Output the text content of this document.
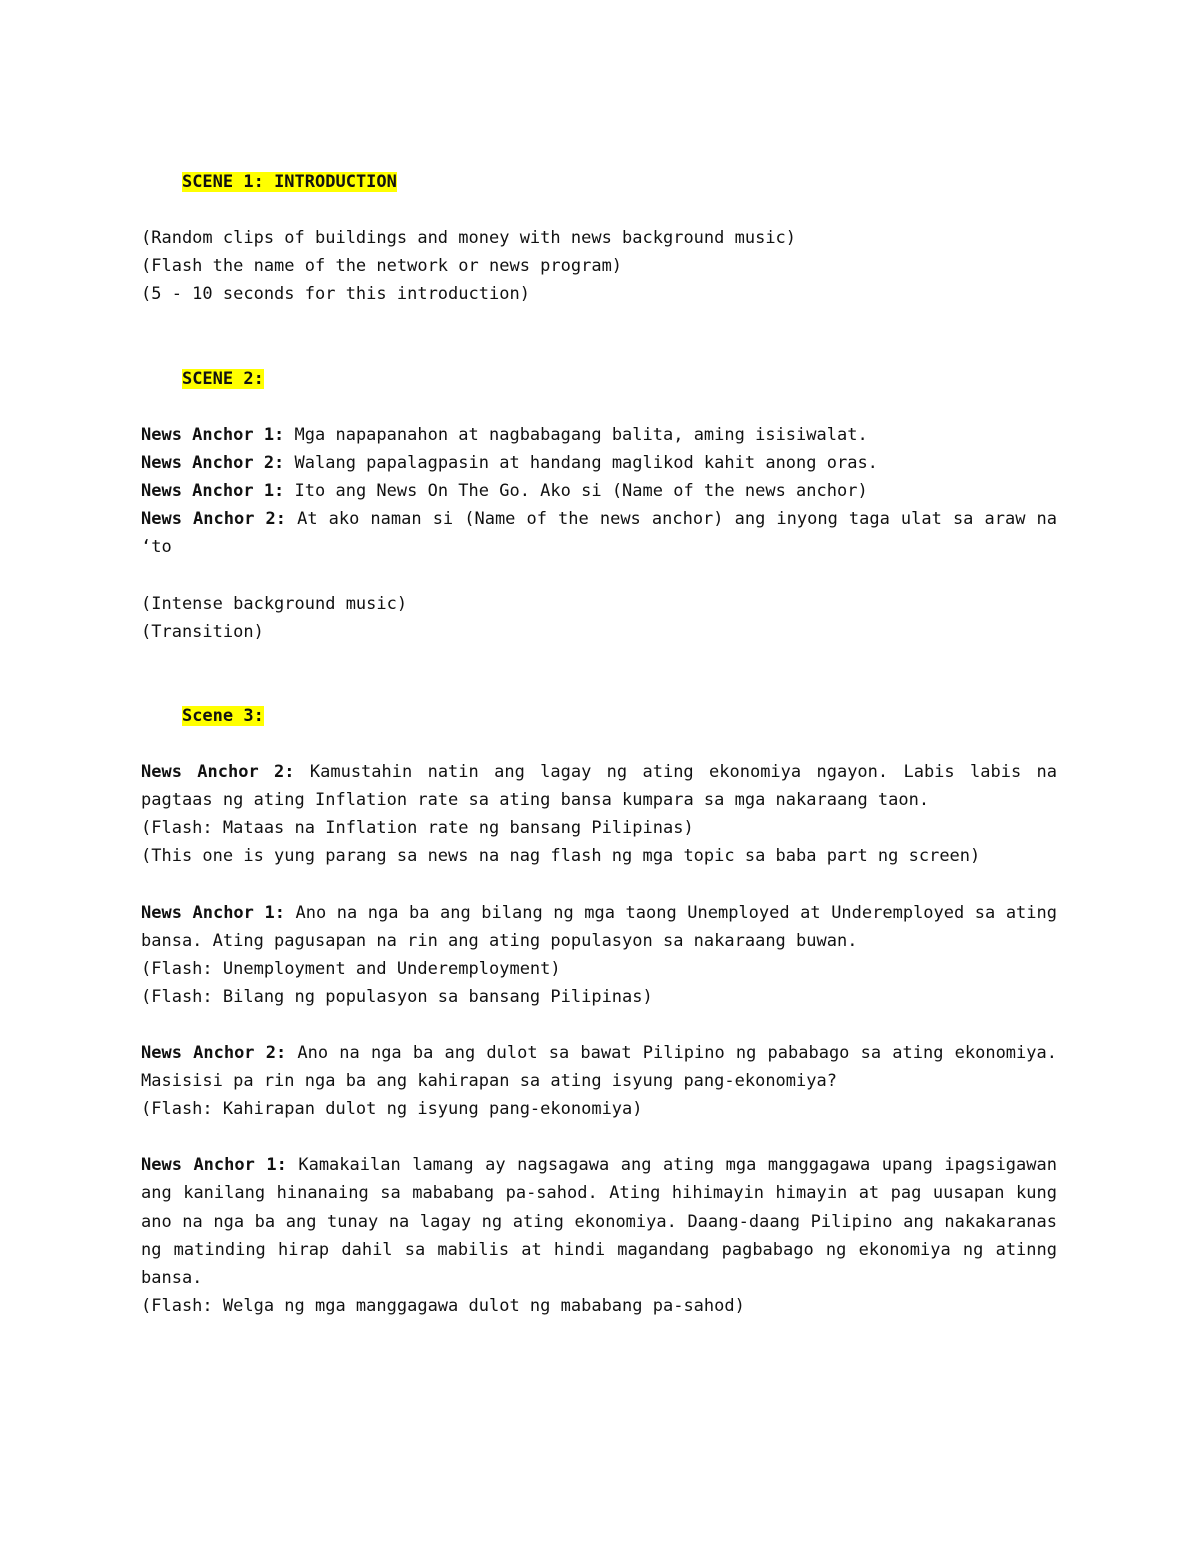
SCENE 1: INTRODUCTION

(Random clips of buildings and money with news background music)
(Flash the name of the network or news program)
(5 - 10 seconds for this introduction)

SCENE 2:

News Anchor 1: Mga napapanahon at nagbabagang balita, aming isisiwalat.

News Anchor 2: Walang papalagpasin at handang maglikod kahit anong oras.

News Anchor 1: Ito ang News On The Go. Ako si (Name of the news anchor)

News Anchor 2: At ako naman si (Name of the news anchor) ang inyong taga ulat sa araw na ‘to

(Intense background music)
(Transition)

Scene 3:

News Anchor 2: Kamustahin natin ang lagay ng ating ekonomiya ngayon. Labis labis na pagtaas ng ating Inflation rate sa ating bansa kumpara sa mga nakaraang taon.

(Flash: Mataas na Inflation rate ng bansang Pilipinas)

(This one is yung parang sa news na nag flash ng mga topic sa baba part ng screen)

News Anchor 1: Ano na nga ba ang bilang ng mga taong Unemployed at Underemployed sa ating bansa. Ating pagusapan na rin ang ating populasyon sa nakaraang buwan.

(Flash: Unemployment and Underemployment)
(Flash: Bilang ng populasyon sa bansang Pilipinas)

News Anchor 2: Ano na nga ba ang dulot sa bawat Pilipino ng pababago sa ating ekonomiya. Masisisi pa rin nga ba ang kahirapan sa ating isyung pang-ekonomiya?

(Flash: Kahirapan dulot ng isyung pang-ekonomiya)

News Anchor 1: Kamakailan lamang ay nagsagawa ang ating mga manggagawa upang ipagsigawan ang kanilang hinanaing sa mababang pa-sahod. Ating hihimayin himayin at pag uusapan kung ano na nga ba ang tunay na lagay ng ating ekonomiya. Daang-daang Pilipino ang nakakaranas ng matinding hirap dahil sa mabilis at hindi magandang pagbabago ng ekonomiya ng atinng bansa.

(Flash: Welga ng mga manggagawa dulot ng mababang pa-sahod)
